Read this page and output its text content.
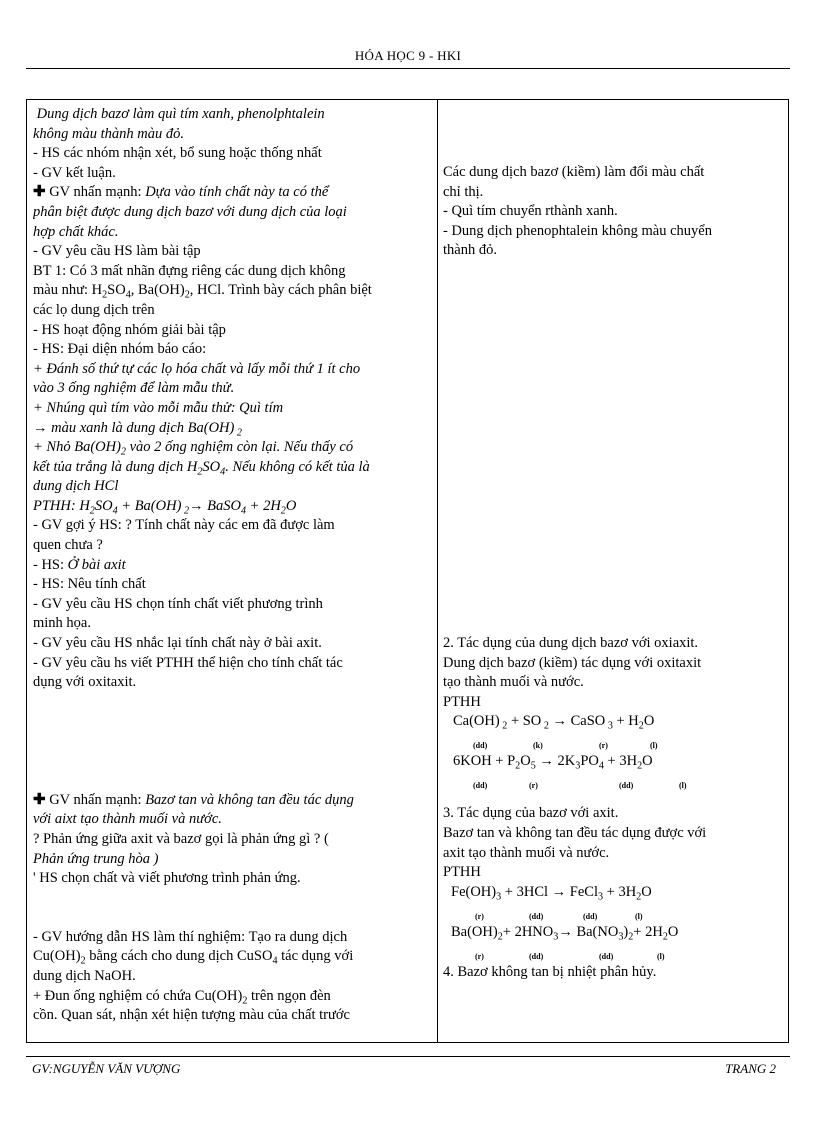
HÓA HỌC 9 - HKI
Dung dịch bazơ làm quì tím xanh, phenolphtalein
không màu thành màu đỏ.
- HS các nhóm nhận xét, bổ sung hoặc thống nhất
- GV kết luận.
✚ GV nhấn mạnh: Dựa vào tính chất này ta có thể
phân biệt được dung dịch bazơ với dung dịch của loại
hợp chất khác.
- GV yêu cầu HS làm bài tập
BT 1: Có 3 mất nhãn đựng riêng các dung dịch không
màu như: $H_2SO_4$, $Ba(OH)_2$, HCl. Trình bày cách phân biệt
các lọ dung dịch trên
- HS hoạt động nhóm giải bài tập
- HS: Đại diện nhóm báo cáo:
+ Đánh số thứ tự các lọ hóa chất và lấy mỗi thứ 1 ít cho
vào 3 ống nghiệm để làm mẫu thử.
+ Nhúng quì tím vào mỗi mẫu thử: Quì tím
→ màu xanh là dung dịch Ba(OH) $_2$
+ Nhỏ $Ba(OH)_2$ vào 2 ống nghiệm còn lại. Nếu thấy có
kết tủa trắng là dung dịch $H_2SO_4$. Nếu không có kết tủa là
dung dịch HCl
PTHH: $H_2SO_4 + Ba(OH)$ $_2$→ BaSO$_4$ + $2H_2O$
- GV gợi ý HS: ? Tính chất này các em đã được làm
quen chưa ?
- HS: Ở bài axit
- HS: Nêu tính chất
- GV yêu cầu HS chọn tính chất viết phương trình
minh họa.
- GV yêu cầu HS nhắc lại tính chất này ở bài axit.
- GV yêu cầu hs viết PTHH thể hiện cho tính chất tác
dụng với oxitaxit.
✚ GV nhấn mạnh: Bazơ tan và không tan đều tác dụng
với aixt tạo thành muối và nước.
? Phản ứng giữa axit và bazơ gọi là phản ứng gì ? (
Phản ứng trung hòa )
' HS chọn chất và viết phương trình phản ứng.
- GV hướng dẫn HS làm thí nghiệm: Tạo ra dung dịch
$Cu(OH)_2$ bằng cách cho dung dịch CuSO$_4$ tác dụng với
dung dịch NaOH.
+ Đun ống nghiệm có chứa $Cu(OH)_2$ trên ngọn đèn
cồn. Quan sát, nhận xét hiện tượng màu của chất trước
Các dung dịch bazơ (kiềm) làm đổi màu chất
chỉ thị.
- Quì tím chuyển rthành xanh.
- Dung dịch phenophtalein không màu chuyển
thành đỏ.
2. Tác dụng của dung dịch bazơ với oxiaxit.
Dung dịch bazơ (kiềm) tác dụng với oxitaxit
tạo thành muối và nước.
PTHH
Ca(OH) $_2$ + SO $_2$ → CaSO $_3 + H_2O$
(dd)	(k)	(r)	(l)
$6KOH + P_2O_5 \to 2K_3PO_4 + 3H_2O$
(dd)	(r)	(dd)	(l)
3. Tác dụng của bazơ với axit.
Bazơ tan và không tan đều tác dụng được với
axit tạo thành muối và nước.
PTHH
$Fe(OH)_3 + 3HCl$ → FeCl$_3$ + $3H_2O$
(r)	(dd)	(dd)	(l)
$Ba(OH)_2+ 2HNO_3\to Ba(NO_3)_2+ 2H_2O$
(r)	(dd)	(dd)	(l)
4. Bazơ không tan bị nhiệt phân hủy.
GV:NGUYỄN VĂN VƯỢNG	TRANG 2
